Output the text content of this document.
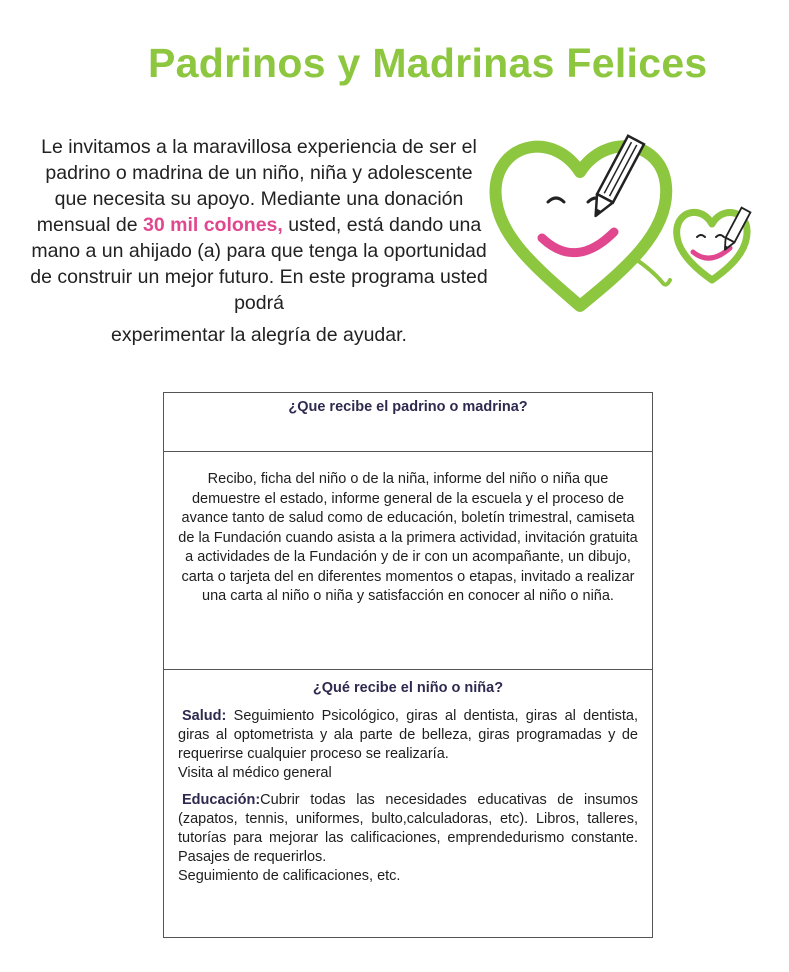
Padrinos y Madrinas Felices
Le invitamos a la maravillosa experiencia de ser el padrino o madrina de un niño, niña y adolescente que necesita su apoyo. Mediante una donación mensual de 30 mil colones, usted, está dando una mano a un ahijado (a) para que tenga la oportunidad de construir un mejor futuro. En este programa usted podrá
experimentar la alegría de ayudar.
¿Que recibe el padrino o madrina?
Recibo, ficha del niño o de la niña, informe del niño o niña que demuestre el estado, informe general de la escuela y el proceso de avance tanto de salud como de educación, boletín trimestral, camiseta de la Fundación cuando asista a la primera actividad, invitación gratuita a actividades de la Fundación y de ir con un acompañante, un dibujo, carta o tarjeta del en diferentes momentos o etapas, invitado a realizar una carta al niño o niña y satisfacción en conocer al niño o niña.
¿Qué recibe el niño o niña?
Salud: Seguimiento Psicológico, giras al dentista, giras al dentista, giras al optometrista y ala parte de belleza, giras programadas y de requerirse cualquier proceso se realizaría.
Visita al médico general
Educación:Cubrir todas las necesidades educativas de insumos (zapatos, tennis, uniformes, bulto,calculadoras, etc). Libros, talleres, tutorías para mejorar las calificaciones, emprendedurismo constante. Pasajes de requerirlos.
Seguimiento de calificaciones, etc.
